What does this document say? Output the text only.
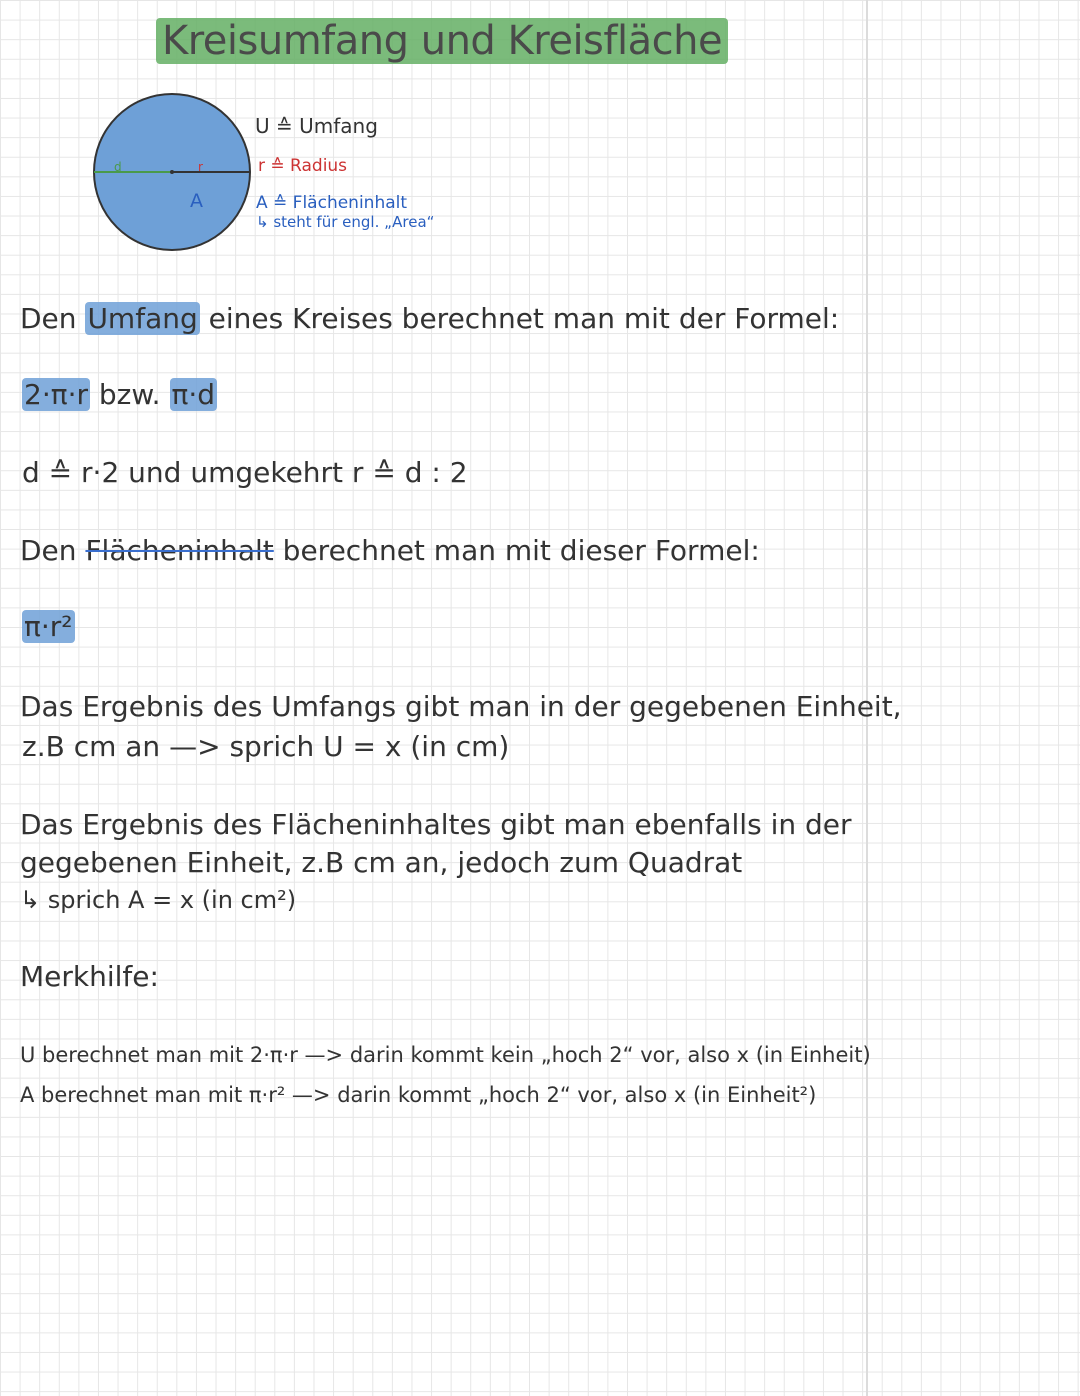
Kreisumfang und Kreisfläche
d	r
A
U ≙ Umfang
r ≙ Radius
A ≙ Flächeninhalt
↳ steht für engl. „Area“
Den Umfang eines Kreises berechnet man mit der Formel:
2·π·r bzw. π·d
d ≙ r·2 und umgekehrt r ≙ d : 2
Den Flächeninhalt berechnet man mit dieser Formel:
π·r²
Das Ergebnis des Umfangs gibt man in der gegebenen Einheit,
z.B cm an —> sprich U = x (in cm)
Das Ergebnis des Flächeninhaltes gibt man ebenfalls in der
gegebenen Einheit, z.B cm an, jedoch zum Quadrat
↳ sprich A = x (in cm²)
Merkhilfe:
U berechnet man mit 2·π·r —> darin kommt kein „hoch 2“ vor, also x (in Einheit)
A berechnet man mit π·r² —> darin kommt „hoch 2“ vor, also x (in Einheit²)
